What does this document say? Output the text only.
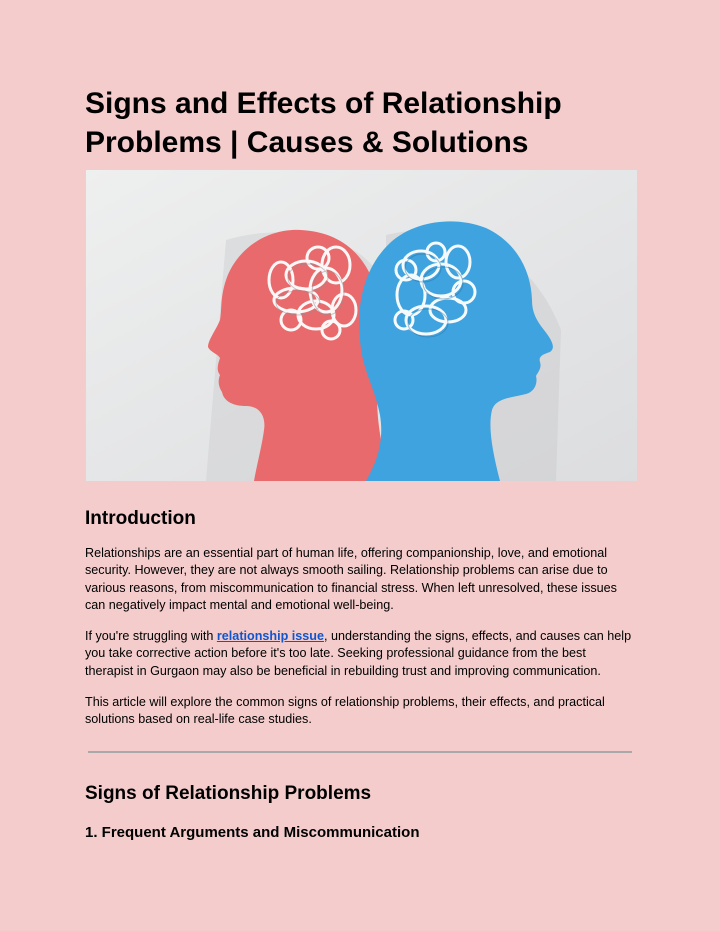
Signs and Effects of Relationship Problems | Causes & Solutions
Introduction

Relationships are an essential part of human life, offering companionship, love, and emotional security. However, they are not always smooth sailing. Relationship problems can arise due to various reasons, from miscommunication to financial stress. When left unresolved, these issues can negatively impact mental and emotional well-being.

If you're struggling with relationship issue, understanding the signs, effects, and causes can help you take corrective action before it's too late. Seeking professional guidance from the best therapist in Gurgaon may also be beneficial in rebuilding trust and improving communication.

This article will explore the common signs of relationship problems, their effects, and practical solutions based on real-life case studies.

Signs of Relationship Problems
1. Frequent Arguments and Miscommunication
